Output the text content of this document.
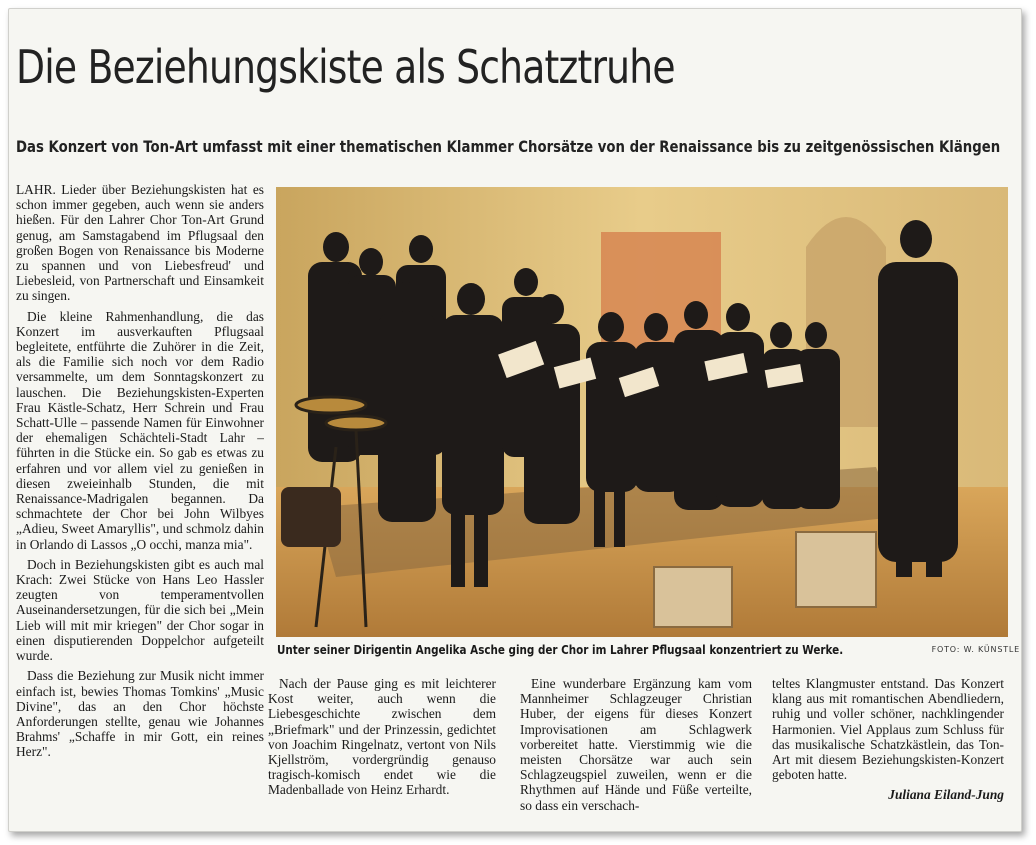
Die Beziehungskiste als Schatztruhe
Das Konzert von Ton-Art umfasst mit einer thematischen Klammer Chorsätze von der Renaissance bis zu zeitgenössischen Klängen

LAHR. Lieder über Beziehungskisten hat es schon immer gegeben, auch wenn sie anders hießen. Für den Lahrer Chor Ton-Art Grund genug, am Samstagabend im Pflugsaal den großen Bogen von Renaissance bis Moderne zu spannen und von Liebesfreud' und Liebesleid, von Partnerschaft und Einsamkeit zu singen.

Die kleine Rahmenhandlung, die das Konzert im ausverkauften Pflugsaal begleitete, entführte die Zuhörer in die Zeit, als die Familie sich noch vor dem Radio versammelte, um dem Sonntagskonzert zu lauschen. Die Beziehungskisten-Experten Frau Kästle-Schatz, Herr Schrein und Frau Schatt-Ulle – passende Namen für Einwohner der ehemaligen Schächteli-Stadt Lahr – führten in die Stücke ein. So gab es etwas zu erfahren und vor allem viel zu genießen in diesen zweieinhalb Stunden, die mit Renaissance-Madrigalen begannen. Da schmachtete der Chor bei John Wilbyes „Adieu, Sweet Amaryllis", und schmolz dahin in Orlando di Lassos „O occhi, manza mia".

Doch in Beziehungskisten gibt es auch mal Krach: Zwei Stücke von Hans Leo Hassler zeugten von temperamentvollen Auseinandersetzungen, für die sich bei „Mein Lieb will mit mir kriegen" der Chor sogar in einen disputierenden Doppelchor aufgeteilt wurde.

Dass die Beziehung zur Musik nicht immer einfach ist, bewies Thomas Tomkins' „Music Divine", das an den Chor höchste Anforderungen stellte, genau wie Johannes Brahms' „Schaffe in mir Gott, ein reines Herz".

Unter seiner Dirigentin Angelika Asche ging der Chor im Lahrer Pflugsaal konzentriert zu Werke.	FOTO: W. KÜNSTLE

Nach der Pause ging es mit leichterer Kost weiter, auch wenn die Liebesgeschichte zwischen dem „Briefmark" und der Prinzessin, gedichtet von Joachim Ringelnatz, vertont von Nils Kjellström, vordergründig genauso tragisch-komisch endet wie die Madenballade von Heinz Erhardt.

Eine wunderbare Ergänzung kam vom Mannheimer Schlagzeuger Christian Huber, der eigens für dieses Konzert Improvisationen am Schlagwerk vorbereitet hatte. Vierstimmig wie die meisten Chorsätze war auch sein Schlagzeugspiel zuweilen, wenn er die Rhythmen auf Hände und Füße verteilte, so dass ein verschach-

teltes Klangmuster entstand. Das Konzert klang aus mit romantischen Abendliedern, ruhig und voller schöner, nachklingender Harmonien. Viel Applaus zum Schluss für das musikalische Schatzkästlein, das Ton-Art mit diesem Beziehungskisten-Konzert geboten hatte.

Juliana Eiland-Jung
